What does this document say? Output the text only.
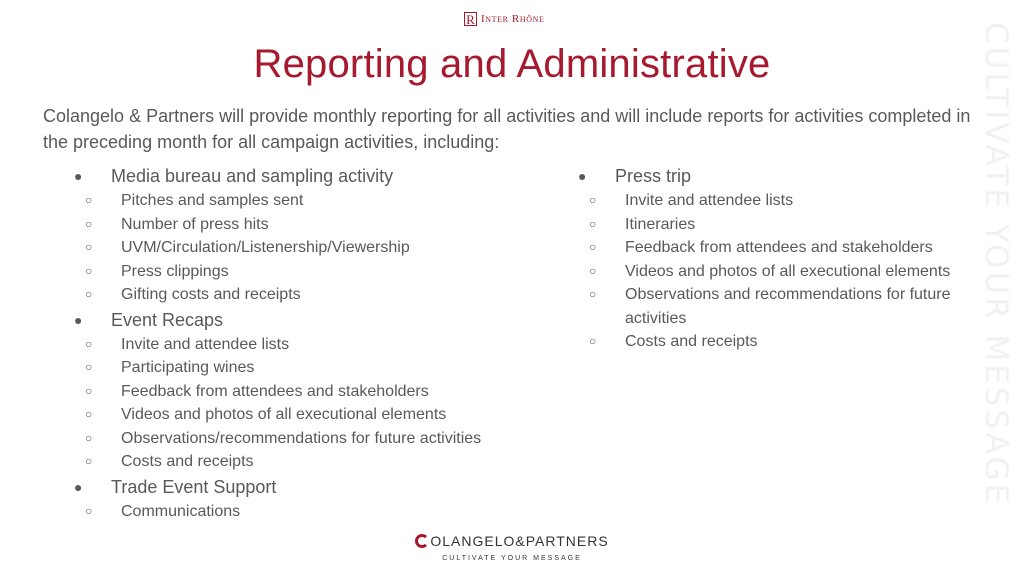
R Inter Rhône
CULTIVATE YOUR MESSAGE
Reporting and Administrative

Colangelo & Partners will provide monthly reporting for all activities and will include reports for activities completed in the preceding month for all campaign activities, including:

● Media bureau and sampling activity
○ Pitches and samples sent
○ Number of press hits
○ UVM/Circulation/Listenership/Viewership
○ Press clippings
○ Gifting costs and receipts
● Event Recaps
○ Invite and attendee lists
○ Participating wines
○ Feedback from attendees and stakeholders
○ Videos and photos of all executional elements
○ Observations/recommendations for future activities
○ Costs and receipts
● Trade Event Support
○ Communications
● Press trip
○ Invite and attendee lists
○ Itineraries
○ Feedback from attendees and stakeholders
○ Videos and photos of all executional elements
○ Observations and recommendations for future activities
○ Costs and receipts
OLANGELO&PARTNERS
CULTIVATE YOUR MESSAGE
